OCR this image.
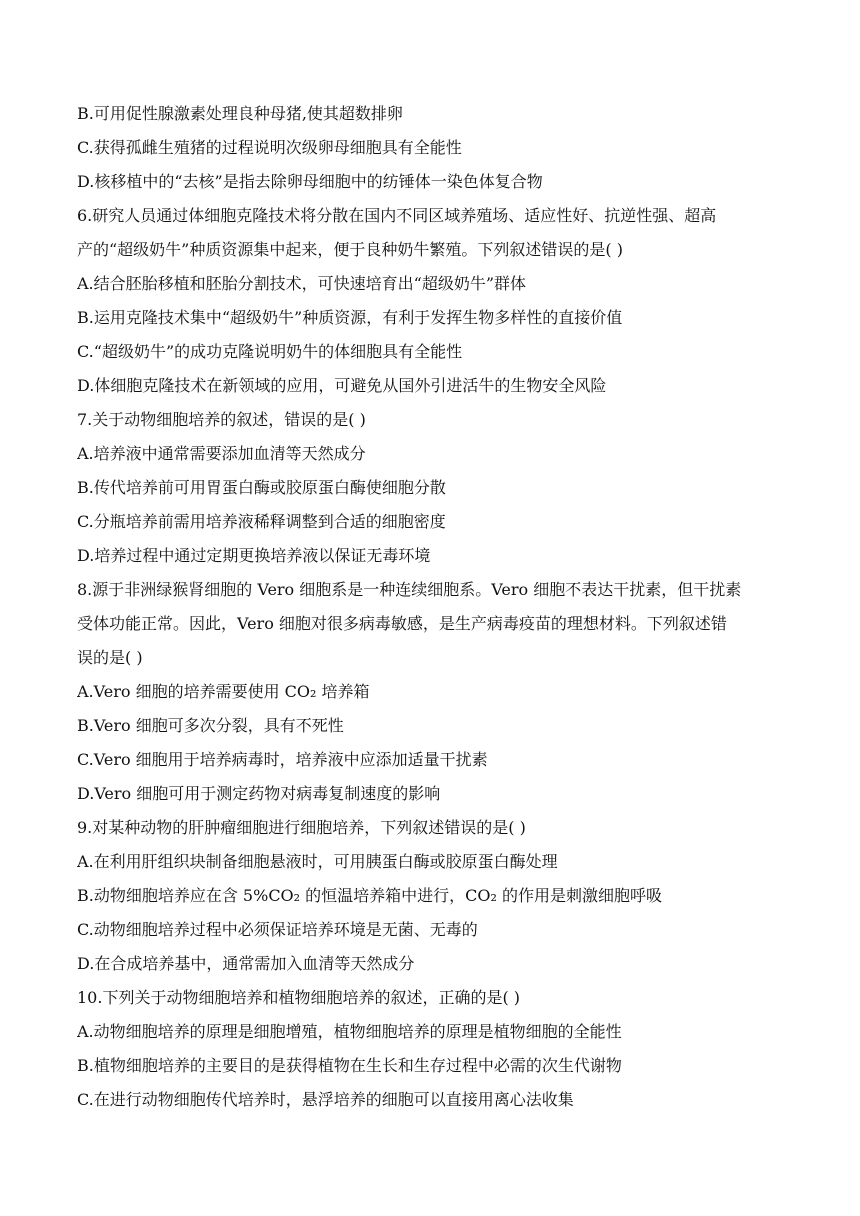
B.可用促性腺激素处理良种母猪,使其超数排卵
C.获得孤雌生殖猪的过程说明次级卵母细胞具有全能性
D.核移植中的“去核”是指去除卵母细胞中的纺锤体一染色体复合物
6.研究人员通过体细胞克隆技术将分散在国内不同区域养殖场、适应性好、抗逆性强、超高
产的“超级奶牛”种质资源集中起来，便于良种奶牛繁殖。下列叙述错误的是( )
A.结合胚胎移植和胚胎分割技术，可快速培育出“超级奶牛”群体
B.运用克隆技术集中“超级奶牛”种质资源，有利于发挥生物多样性的直接价值
C.“超级奶牛”的成功克隆说明奶牛的体细胞具有全能性
D.体细胞克隆技术在新领域的应用，可避免从国外引进活牛的生物安全风险
7.关于动物细胞培养的叙述，错误的是( )
A.培养液中通常需要添加血清等天然成分
B.传代培养前可用胃蛋白酶或胶原蛋白酶使细胞分散
C.分瓶培养前需用培养液稀释调整到合适的细胞密度
D.培养过程中通过定期更换培养液以保证无毒环境
8.源于非洲绿猴肾细胞的 Vero 细胞系是一种连续细胞系。Vero 细胞不表达干扰素，但干扰素
受体功能正常。因此，Vero 细胞对很多病毒敏感，是生产病毒疫苗的理想材料。下列叙述错
误的是( )
A.Vero 细胞的培养需要使用 CO₂ 培养箱
B.Vero 细胞可多次分裂，具有不死性
C.Vero 细胞用于培养病毒时，培养液中应添加适量干扰素
D.Vero 细胞可用于测定药物对病毒复制速度的影响
9.对某种动物的肝肿瘤细胞进行细胞培养，下列叙述错误的是( )
A.在利用肝组织块制备细胞悬液时，可用胰蛋白酶或胶原蛋白酶处理
B.动物细胞培养应在含 5%CO₂ 的恒温培养箱中进行，CO₂ 的作用是刺激细胞呼吸
C.动物细胞培养过程中必须保证培养环境是无菌、无毒的
D.在合成培养基中，通常需加入血清等天然成分
10.下列关于动物细胞培养和植物细胞培养的叙述，正确的是( )
A.动物细胞培养的原理是细胞增殖，植物细胞培养的原理是植物细胞的全能性
B.植物细胞培养的主要目的是获得植物在生长和生存过程中必需的次生代谢物
C.在进行动物细胞传代培养时，悬浮培养的细胞可以直接用离心法收集
